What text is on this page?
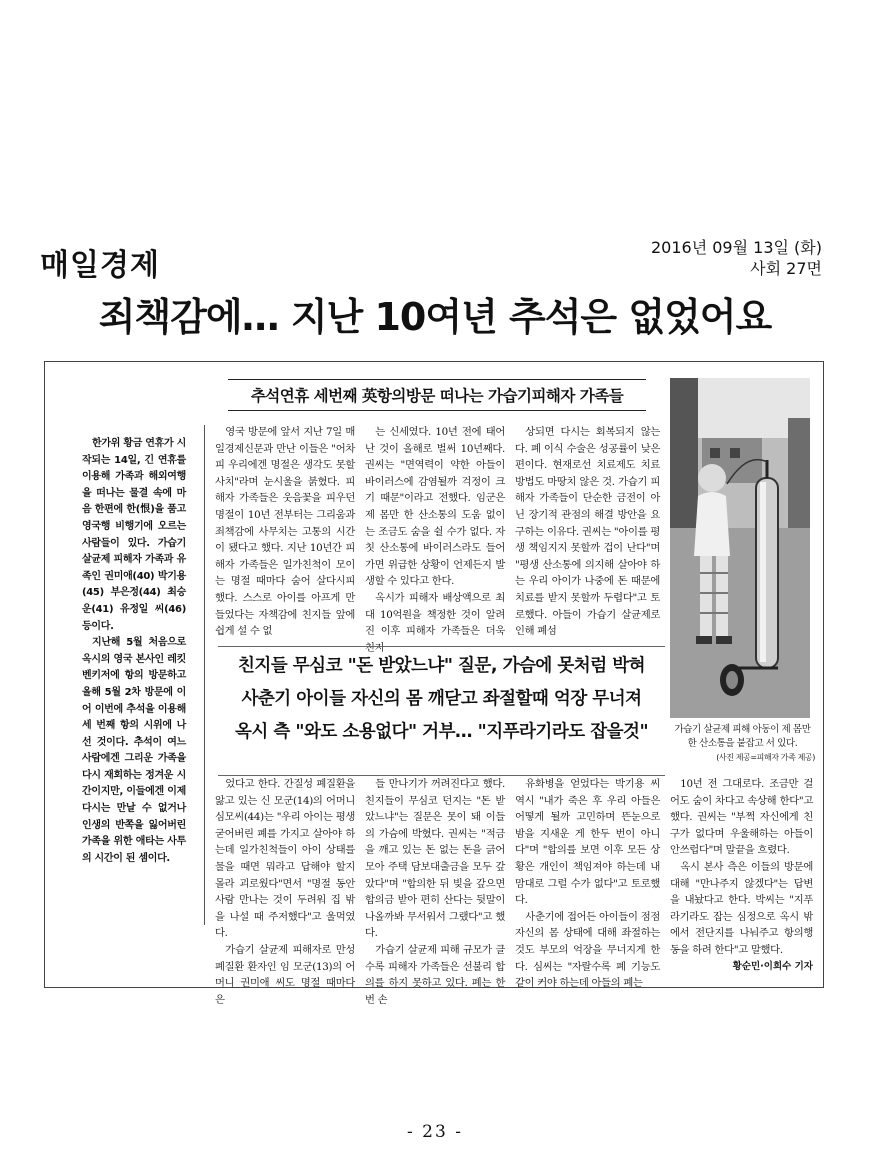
매일경제
2016년 09월 13일 (화)
사회 27면
죄책감에… 지난 10여년 추석은 없었어요
추석연휴 세번째 英항의방문 떠나는 가습기피해자 가족들

한가위 황금 연휴가 시작되는 14일, 긴 연휴를 이용해 가족과 해외여행을 떠나는 물결 속에 마음 한편에 한(恨)을 품고 영국행 비행기에 오르는 사람들이 있다. 가습기 살균제 피해자 가족과 유족인 권미애(40) 박기용(45) 부은정(44) 최승운(41) 유정일 씨(46) 등이다.

지난해 5월 처음으로 옥시의 영국 본사인 레킷벤키저에 항의 방문하고 올해 5월 2차 방문에 이어 이번에 추석을 이용해 세 번째 항의 시위에 나선 것이다. 추석이 여느 사람에겐 그리운 가족을 다시 재회하는 정겨운 시간이지만, 이들에겐 이제 다시는 만날 수 없거나 인생의 반쪽을 잃어버린 가족을 위한 애타는 사투의 시간이 된 셈이다.

영국 방문에 앞서 지난 7일 매일경제신문과 만난 이들은 "어차피 우리에겐 명절은 생각도 못할 사치"라며 눈시울을 붉혔다. 피해자 가족들은 웃음꽃을 피우던 명절이 10년 전부터는 그리움과 죄책감에 사무치는 고통의 시간이 됐다고 했다. 지난 10년간 피해자 가족들은 일가친척이 모이는 명절 때마다 숨어 살다시피 했다. 스스로 아이를 아프게 만들었다는 자책감에 친지들 앞에 쉽게 설 수 없

는 신세였다. 10년 전에 태어난 것이 올해로 벌써 10년째다. 권씨는 "면역력이 약한 아들이 바이러스에 감염될까 걱정이 크기 때문"이라고 전했다. 임군은 제 몸만 한 산소통의 도움 없이는 조금도 숨을 쉴 수가 없다. 자칫 산소통에 바이러스라도 들어가면 위급한 상황이 언제든지 발생할 수 있다고 한다.

옥시가 피해자 배상액으로 최대 10억원을 책정한 것이 알려진 이후 피해자 가족들은 더욱 친지

상되면 다시는 회복되지 않는다. 폐 이식 수술은 성공률이 낮은 편이다. 현재로선 치료제도 치료 방법도 마땅치 않은 것. 가습기 피해자 가족들이 단순한 금전이 아닌 장기적 관점의 해결 방안을 요구하는 이유다. 권씨는 "아이를 평생 책임지지 못할까 겁이 난다"며 "평생 산소통에 의지해 살아야 하는 우리 아이가 나중에 돈 때문에 치료를 받지 못할까 두렵다"고 토로했다. 아들이 가습기 살균제로 인해 폐섬

친지들 무심코 "돈 받았느냐" 질문, 가슴에 못처럼 박혀
사춘기 아이들 자신의 몸 깨닫고 좌절할때 억장 무너져
옥시 측 "와도 소용없다" 거부… "지푸라기라도 잡을것"	가습기 살균제 피해 아동이 제 몸만 한 산소통을 붙잡고 서 있다.
(사진 제공=피해자 가족 제공)

었다고 한다. 간질성 폐질환을 앓고 있는 신 모군(14)의 어머니 심모씨(44)는 "우리 아이는 평생 굳어버린 폐를 가지고 살아야 하는데 일가친척들이 아이 상태를 물을 때면 뭐라고 답해야 할지 몰라 괴로웠다"면서 "명절 동안 사람 만나는 것이 두려워 집 밖을 나설 때 주저했다"고 울먹였다.

가습기 살균제 피해자로 만성 폐질환 환자인 임 모군(13)의 어머니 권미애 씨도 명절 때마다 은

들 만나기가 꺼려진다고 했다. 친지들이 무심코 던지는 "돈 받았느냐"는 질문은 못이 돼 이들의 가슴에 박혔다. 권씨는 "적금을 깨고 있는 돈 없는 돈을 긁어모아 주택 담보대출금을 모두 갚았다"며 "합의한 뒤 빚을 갚으면 합의금 받아 편히 산다는 뒷말이 나올까봐 무서워서 그랬다"고 했다.

가습기 살균제 피해 규모가 클수록 피해자 가족들은 선불리 합의를 하지 못하고 있다. 폐는 한번 손

유화병을 얻었다는 박기용 씨 역시 "내가 죽은 후 우리 아들은 어떻게 될까 고민하며 뜬눈으로 밤을 지새운 게 한두 번이 아니다"며 "합의를 보면 이후 모든 상황은 개인이 책임져야 하는데 내 맘대로 그럴 수가 없다"고 토로했다.

사춘기에 접어든 아이들이 점점 자신의 몸 상태에 대해 좌절하는 것도 부모의 억장을 무너지게 한다. 심씨는 "자랄수록 폐 기능도 같이 커야 하는데 아들의 폐는

10년 전 그대로다. 조금만 걸어도 숨이 차다고 속상해 한다"고 했다. 권씨는 "부쩍 자신에게 친구가 없다며 우울해하는 아들이 안쓰럽다"며 말끝을 흐렸다.

옥시 본사 측은 이들의 방문에 대해 "만나주지 않겠다"는 답변을 내놨다고 한다. 박씨는 "지푸라기라도 잡는 심정으로 옥시 밖에서 전단지를 나눠주고 항의행동을 하려 한다"고 말했다.

황순민·이희수 기자
- 23 -
